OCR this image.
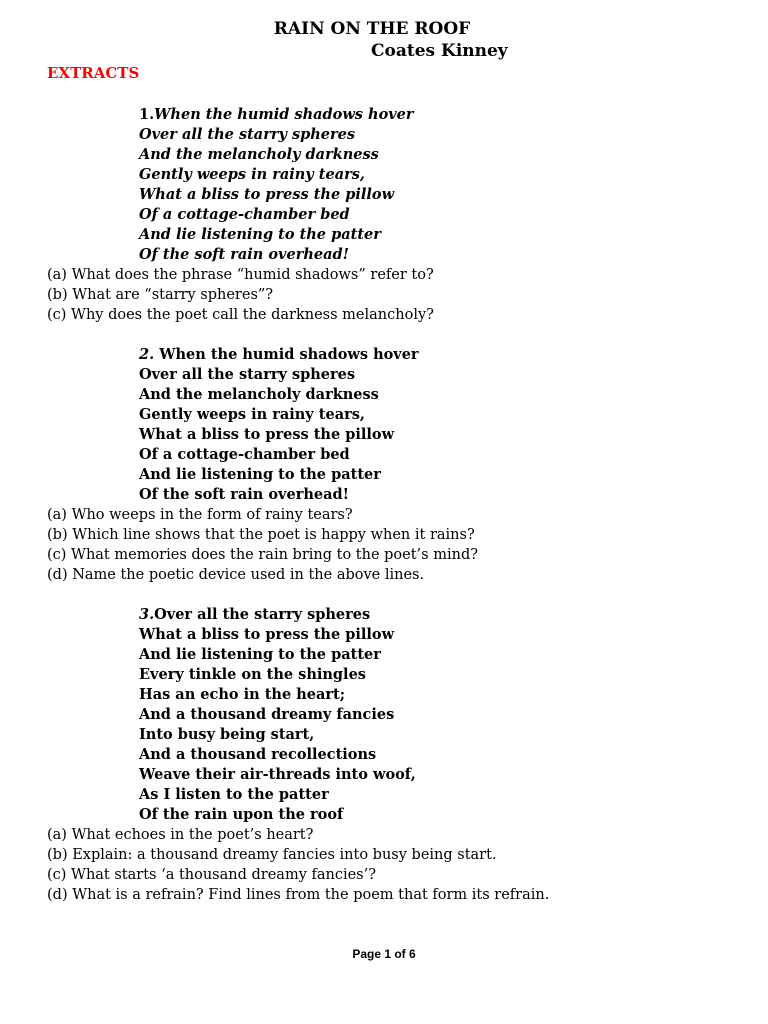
RAIN ON THE ROOF
Coates Kinney
EXTRACTS
1.When the humid shadows hover
Over all the starry spheres
And the melancholy darkness
Gently weeps in rainy tears,
What a bliss to press the pillow
Of a cottage-chamber bed
And lie listening to the patter
Of the soft rain overhead!
(a) What does the phrase “humid shadows” refer to?
(b) What are “starry spheres”?
(c) Why does the poet call the darkness melancholy?
2. When the humid shadows hover
Over all the starry spheres
And the melancholy darkness
Gently weeps in rainy tears,
What a bliss to press the pillow
Of a cottage-chamber bed
And lie listening to the patter
Of the soft rain overhead!
(a) Who weeps in the form of rainy tears?
(b) Which line shows that the poet is happy when it rains?
(c) What memories does the rain bring to the poet’s mind?
(d) Name the poetic device used in the above lines.
3.Over all the starry spheres
What a bliss to press the pillow
And lie listening to the patter
Every tinkle on the shingles
Has an echo in the heart;
And a thousand dreamy fancies
Into busy being start,
And a thousand recollections
Weave their air-threads into woof,
As I listen to the patter
Of the rain upon the roof
(a) What echoes in the poet’s heart?
(b) Explain: a thousand dreamy fancies into busy being start.
(c) What starts ‘a thousand dreamy fancies’?
(d) What is a refrain? Find lines from the poem that form its refrain.
Page 1 of 6
